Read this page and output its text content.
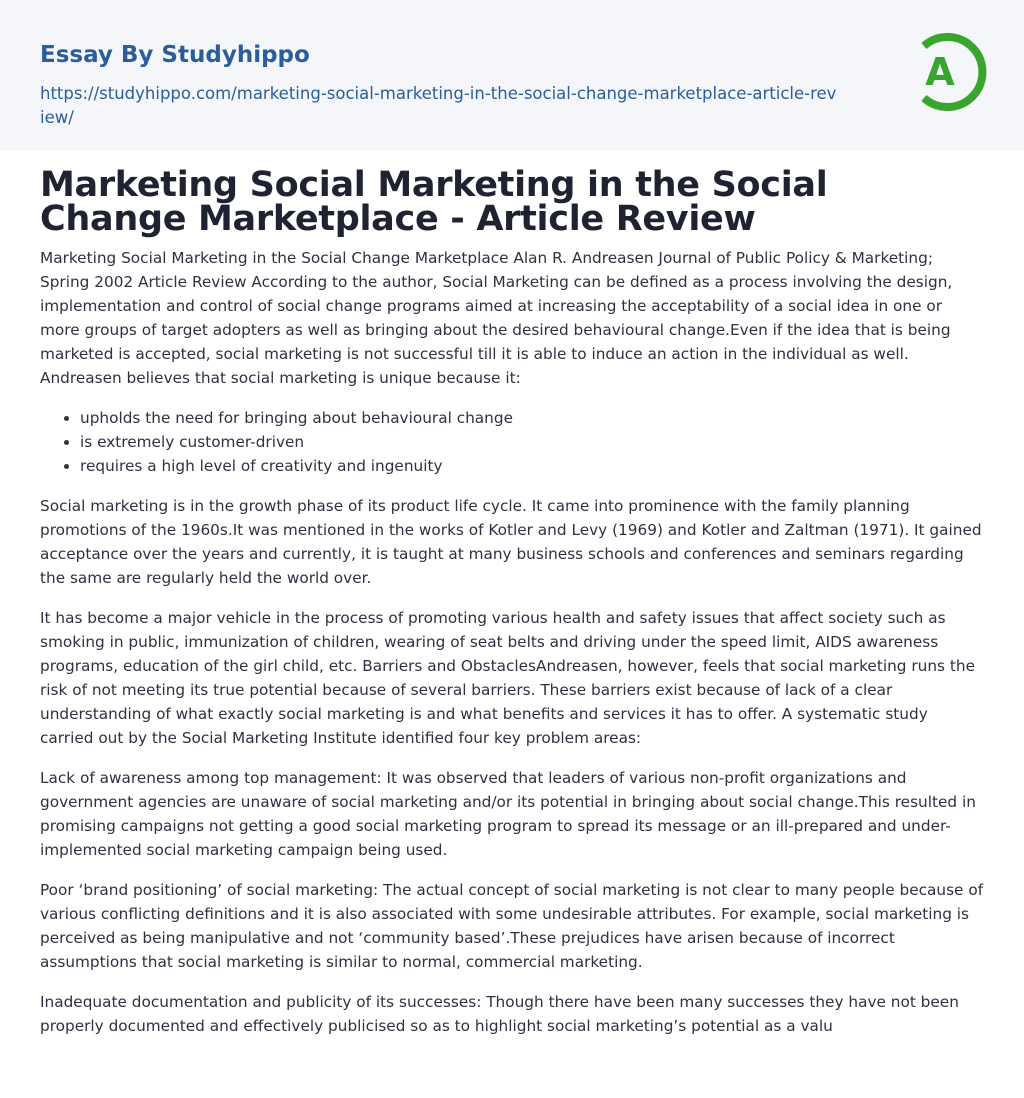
Essay By Studyhippo
https://studyhippo.com/marketing-social-marketing-in-the-social-change-marketplace-article-review/
A
Marketing Social Marketing in the Social Change Marketplace - Article Review

Marketing Social Marketing in the Social Change Marketplace Alan R. Andreasen Journal of Public Policy & Marketing; Spring 2002 Article Review According to the author, Social Marketing can be defined as a process involving the design, implementation and control of social change programs aimed at increasing the acceptability of a social idea in one or more groups of target adopters as well as bringing about the desired behavioural change.Even if the idea that is being marketed is accepted, social marketing is not successful till it is able to induce an action in the individual as well. Andreasen believes that social marketing is unique because it:

• upholds the need for bringing about behavioural change
• is extremely customer-driven
• requires a high level of creativity and ingenuity

Social marketing is in the growth phase of its product life cycle. It came into prominence with the family planning promotions of the 1960s.It was mentioned in the works of Kotler and Levy (1969) and Kotler and Zaltman (1971). It gained acceptance over the years and currently, it is taught at many business schools and conferences and seminars regarding the same are regularly held the world over.

It has become a major vehicle in the process of promoting various health and safety issues that affect society such as smoking in public, immunization of children, wearing of seat belts and driving under the speed limit, AIDS awareness programs, education of the girl child, etc. Barriers and ObstaclesAndreasen, however, feels that social marketing runs the risk of not meeting its true potential because of several barriers. These barriers exist because of lack of a clear understanding of what exactly social marketing is and what benefits and services it has to offer. A systematic study carried out by the Social Marketing Institute identified four key problem areas:

Lack of awareness among top management: It was observed that leaders of various non-profit organizations and government agencies are unaware of social marketing and/or its potential in bringing about social change.This resulted in promising campaigns not getting a good social marketing program to spread its message or an ill-prepared and under-implemented social marketing campaign being used.

Poor ‘brand positioning’ of social marketing: The actual concept of social marketing is not clear to many people because of various conflicting definitions and it is also associated with some undesirable attributes. For example, social marketing is perceived as being manipulative and not ‘community based’.These prejudices have arisen because of incorrect assumptions that social marketing is similar to normal, commercial marketing.

Inadequate documentation and publicity of its successes: Though there have been many successes they have not been properly documented and effectively publicised so as to highlight social marketing’s potential as a valu
